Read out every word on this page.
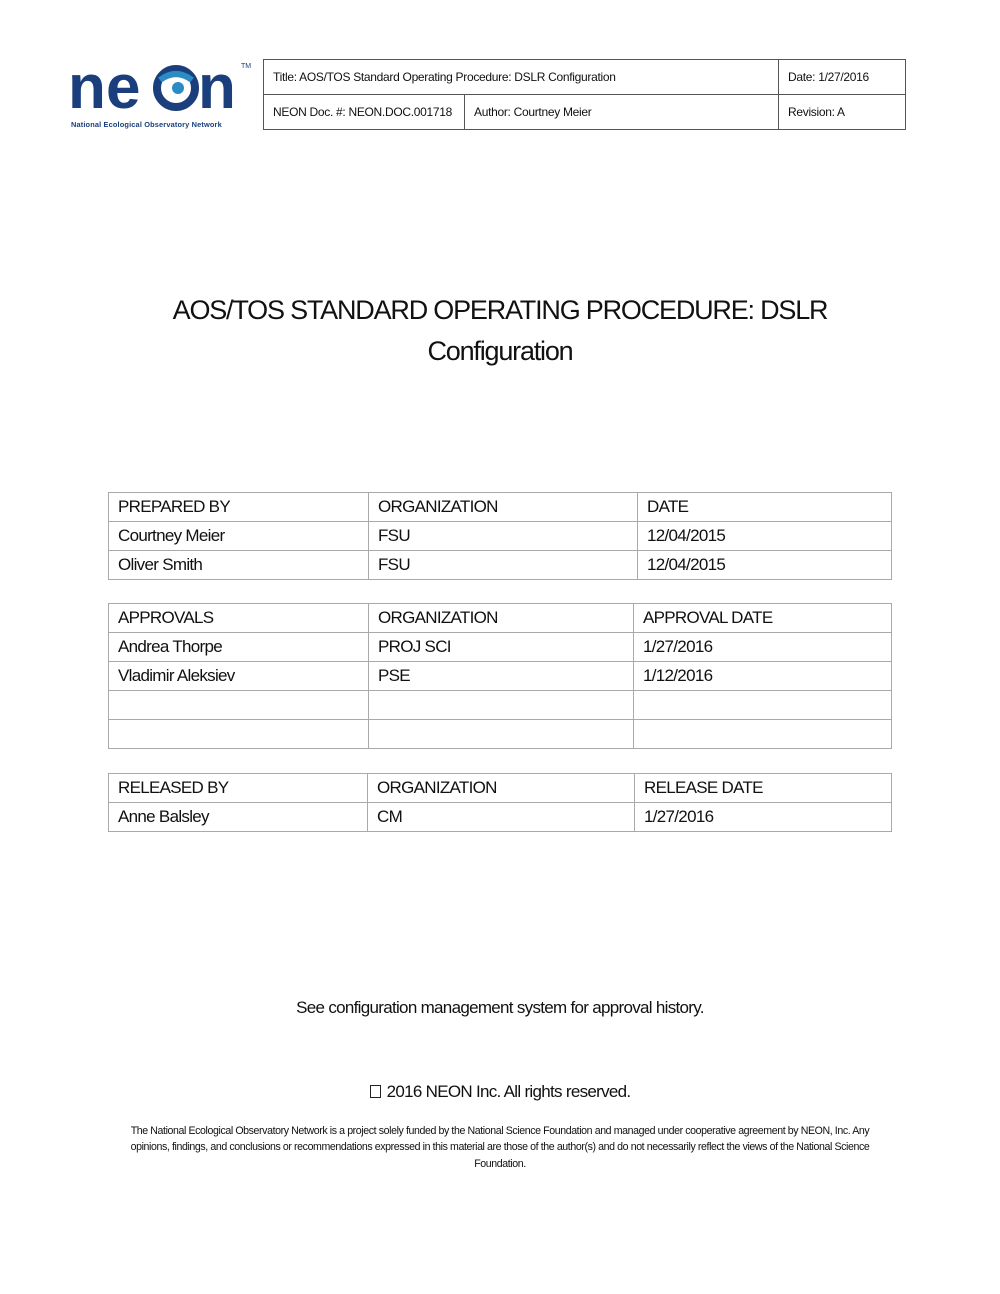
n e n TM
National Ecological Observatory Network
Title: AOS/TOS Standard Operating Procedure: DSLR Configuration		Date: 1/27/2016
NEON Doc. #: NEON.DOC.001718	Author: Courtney Meier	Revision: A
AOS/TOS STANDARD OPERATING PROCEDURE: DSLR
Configuration
PREPARED BY	ORGANIZATION	DATE
Courtney Meier	FSU	12/04/2015
Oliver Smith	FSU	12/04/2015
APPROVALS	ORGANIZATION	APPROVAL DATE
Andrea Thorpe	PROJ SCI	1/27/2016
Vladimir Aleksiev	PSE	1/12/2016

RELEASED BY	ORGANIZATION	RELEASE DATE
Anne Balsley	CM	1/27/2016
See configuration management system for approval history.
2016 NEON Inc. All rights reserved.
The National Ecological Observatory Network is a project solely funded by the National Science Foundation and managed under cooperative agreement by NEON, Inc. Any opinions, findings, and conclusions or recommendations expressed in this material are those of the author(s) and do not necessarily reflect the views of the National Science Foundation.
